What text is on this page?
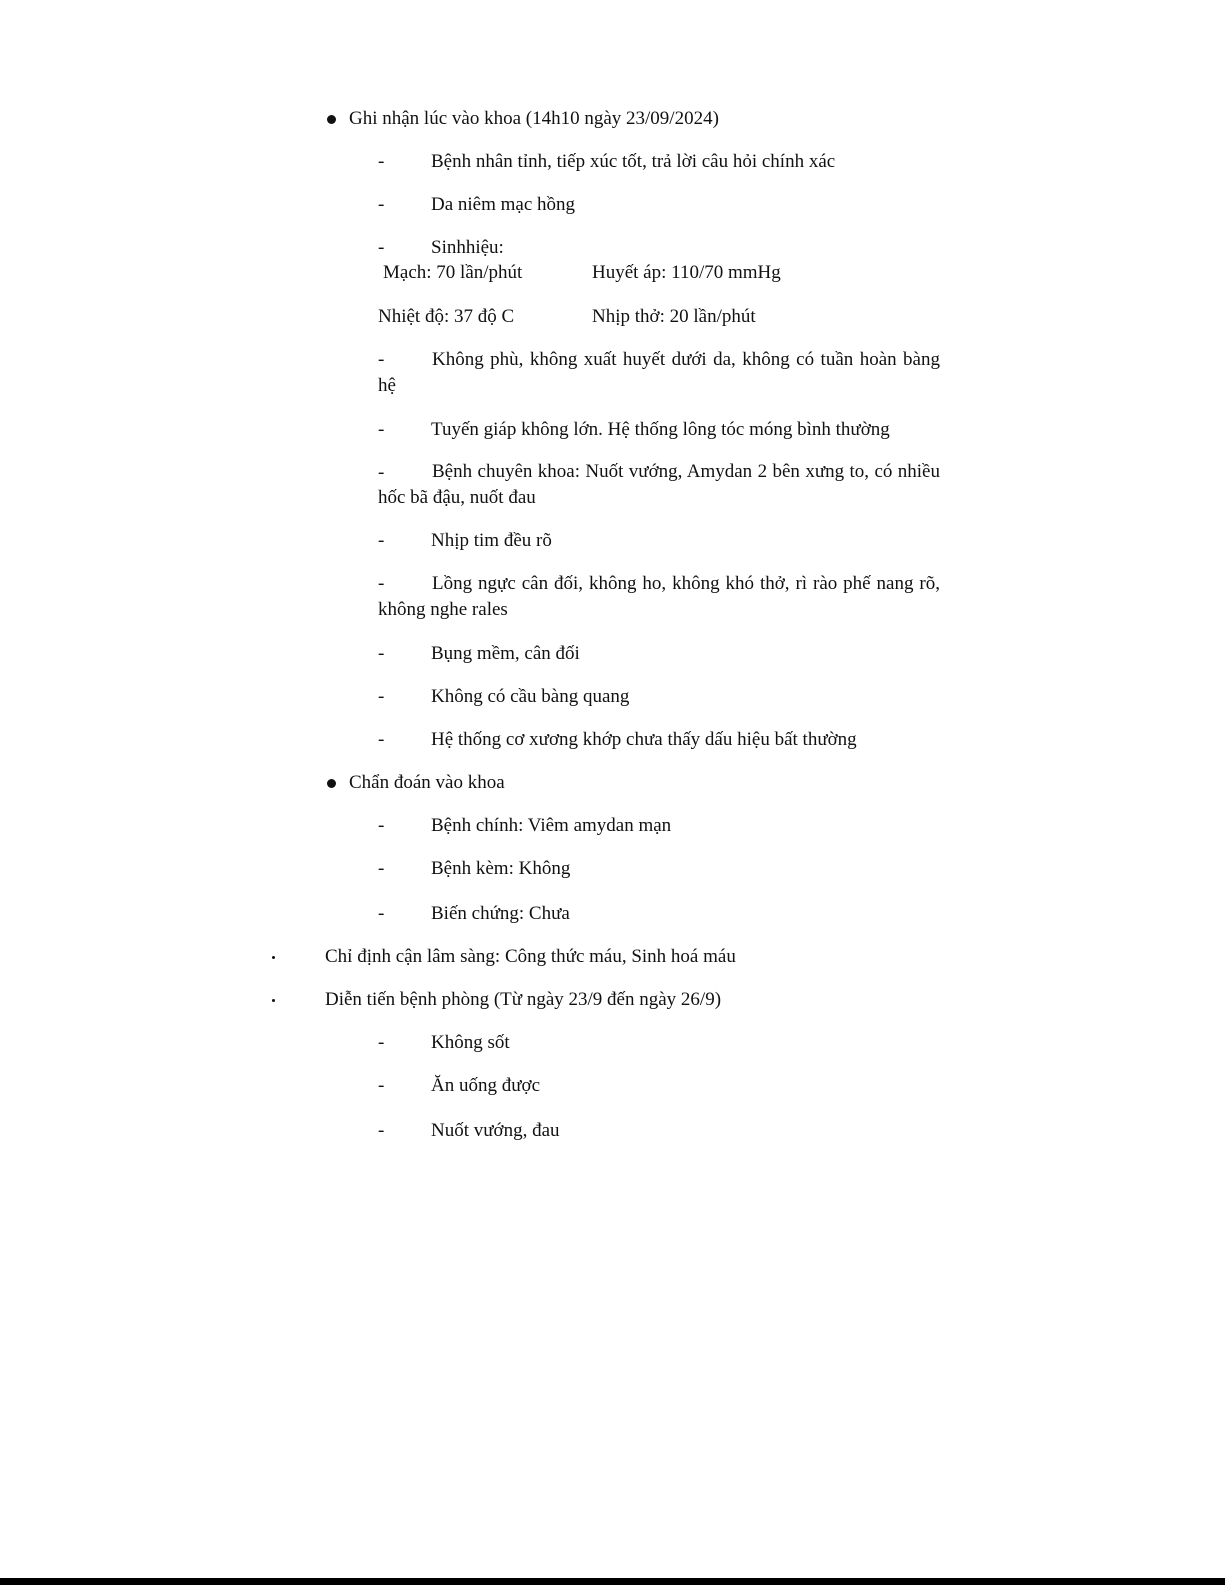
Ghi nhận lúc vào khoa (14h10 ngày 23/09/2024)
- Bệnh nhân tỉnh, tiếp xúc tốt, trả lời câu hỏi chính xác
- Da niêm mạc hồng
- Sinhhiệu:
Mạch: 70 lần/phút	Huyết áp: 110/70 mmHg
Nhiệt độ: 37 độ C	Nhịp thở: 20 lần/phút
-	Không phù, không xuất huyết dưới da, không có tuần hoàn bàng hệ
- Tuyến giáp không lớn. Hệ thống lông tóc móng bình thường
-	Bệnh chuyên khoa: Nuốt vướng, Amydan 2 bên xưng to, có nhiều hốc bã đậu, nuốt đau
- Nhịp tim đều rõ
-	Lồng ngực cân đối, không ho, không khó thở, rì rào phế nang rõ, không nghe rales
- Bụng mềm, cân đối
- Không có cầu bàng quang
- Hệ thống cơ xương khớp chưa thấy dấu hiệu bất thường
Chẩn đoán vào khoa
- Bệnh chính: Viêm amydan mạn
- Bệnh kèm: Không
- Biến chứng: Chưa
Chỉ định cận lâm sàng: Công thức máu, Sinh hoá máu
Diễn tiến bệnh phòng (Từ ngày 23/9 đến ngày 26/9)
- Không sốt
- Ăn uống được
- Nuốt vướng, đau
